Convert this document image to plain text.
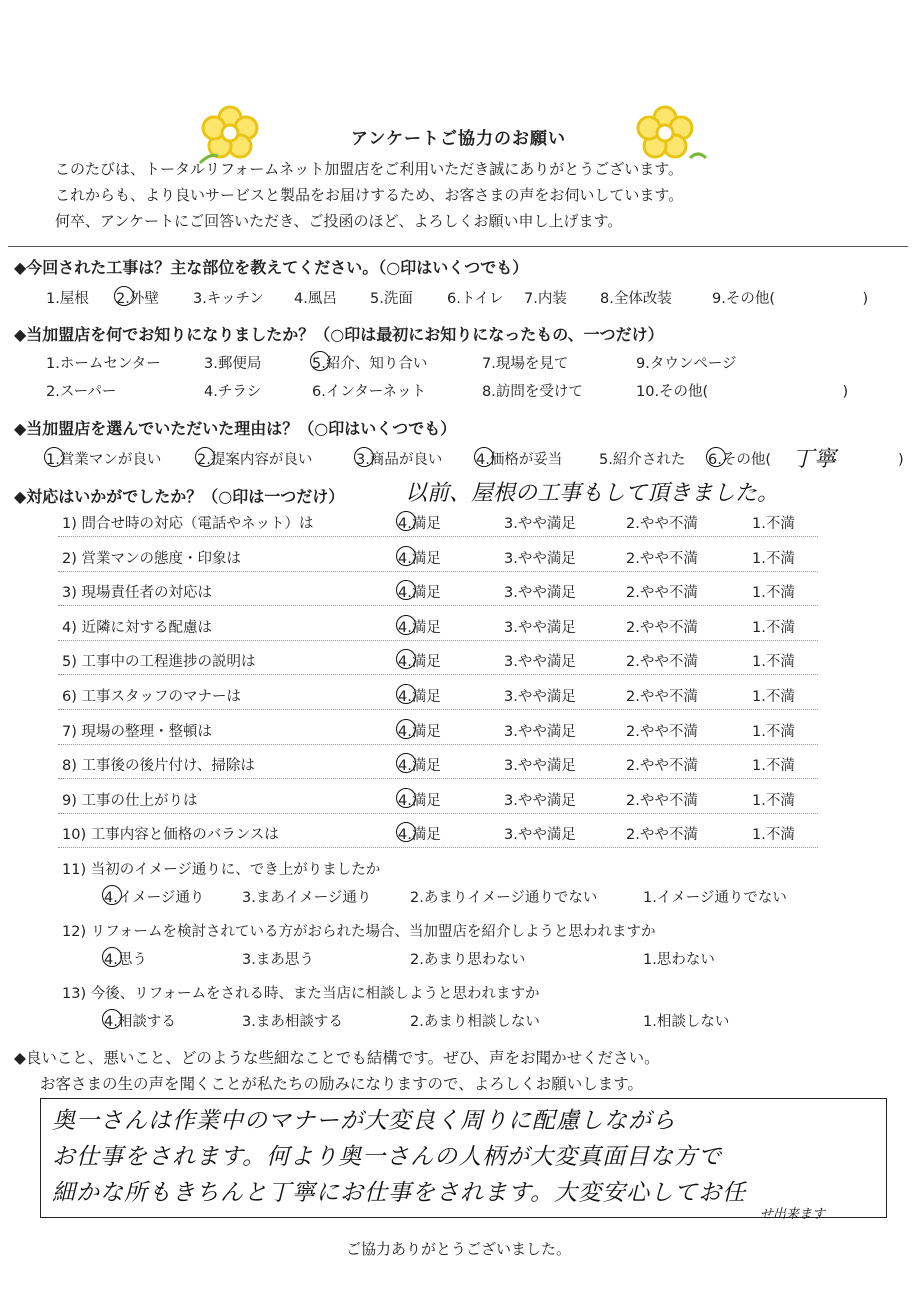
アンケートご協力のお願い
このたびは、トータルリフォームネット加盟店をご利用いただき誠にありがとうございます。
これからも、より良いサービスと製品をお届けするため、お客さまの声をお伺いしています。
何卒、アンケートにご回答いただき、ご投函のほど、よろしくお願い申し上げます。
◆今回された工事は？主な部位を教えてください。（○印はいくつでも）
1.屋根 2.外壁 3.キッチン 4.風呂 5.洗面 6.トイレ 7.内装 8.全体改装	9.その他( 　　　　　)
◆当加盟店を何でお知りになりましたか？（○印は最初にお知りになったもの、一つだけ）
1.ホームセンター	3.郵便局	5.紹介、知り合い	7.現場を見て	9.タウンページ
2.スーパー	4.チラシ	6.インターネット	8.訪問を受けて	10.その他(	　　　　　)
◆当加盟店を選んでいただいた理由は？（○印はいくつでも）
1.営業マンが良い 2.提案内容が良い	3.商品が良い 4.価格が妥当	5.紹介された 6.その他( 丁寧 　　　　)
◆対応はいかがでしたか？（○印は一つだけ）	以前、屋根の工事もして頂きました。
1) 問合せ時の対応（電話やネット）は	4.満足	3.やや満足	2.やや不満	1.不満
2) 営業マンの態度・印象は	4.満足	3.やや満足	2.やや不満	1.不満
3) 現場責任者の対応は	4.満足	3.やや満足	2.やや不満	1.不満
4) 近隣に対する配慮は	4.満足	3.やや満足	2.やや不満	1.不満
5) 工事中の工程進捗の説明は	4.満足	3.やや満足	2.やや不満	1.不満
6) 工事スタッフのマナーは	4.満足	3.やや満足	2.やや不満	1.不満
7) 現場の整理・整頓は	4.満足	3.やや満足	2.やや不満	1.不満
8) 工事後の後片付け、掃除は	4.満足	3.やや満足	2.やや不満	1.不満
9) 工事の仕上がりは	4.満足	3.やや満足	2.やや不満	1.不満
10) 工事内容と価格のバランスは	4.満足	3.やや満足	2.やや不満	1.不満
11) 当初のイメージ通りに、でき上がりましたか
4.イメージ通り	3.まあイメージ通り	2.あまりイメージ通りでない	1.イメージ通りでない
12) リフォームを検討されている方がおられた場合、当加盟店を紹介しようと思われますか
4.思う	3.まあ思う	2.あまり思わない	1.思わない
13) 今後、リフォームをされる時、また当店に相談しようと思われますか
4.相談する	3.まあ相談する	2.あまり相談しない	1.相談しない
◆良いこと、悪いこと、どのような些細なことでも結構です。ぜひ、声をお聞かせください。
お客さまの生の声を聞くことが私たちの励みになりますので、よろしくお願いします。
奥一さんは作業中のマナーが大変良く周りに配慮しながら
お仕事をされます。何より奥一さんの人柄が大変真面目な方で
細かな所もきちんと丁寧にお仕事をされます。大変安心してお任
せ出来ます
ご協力ありがとうございました。
